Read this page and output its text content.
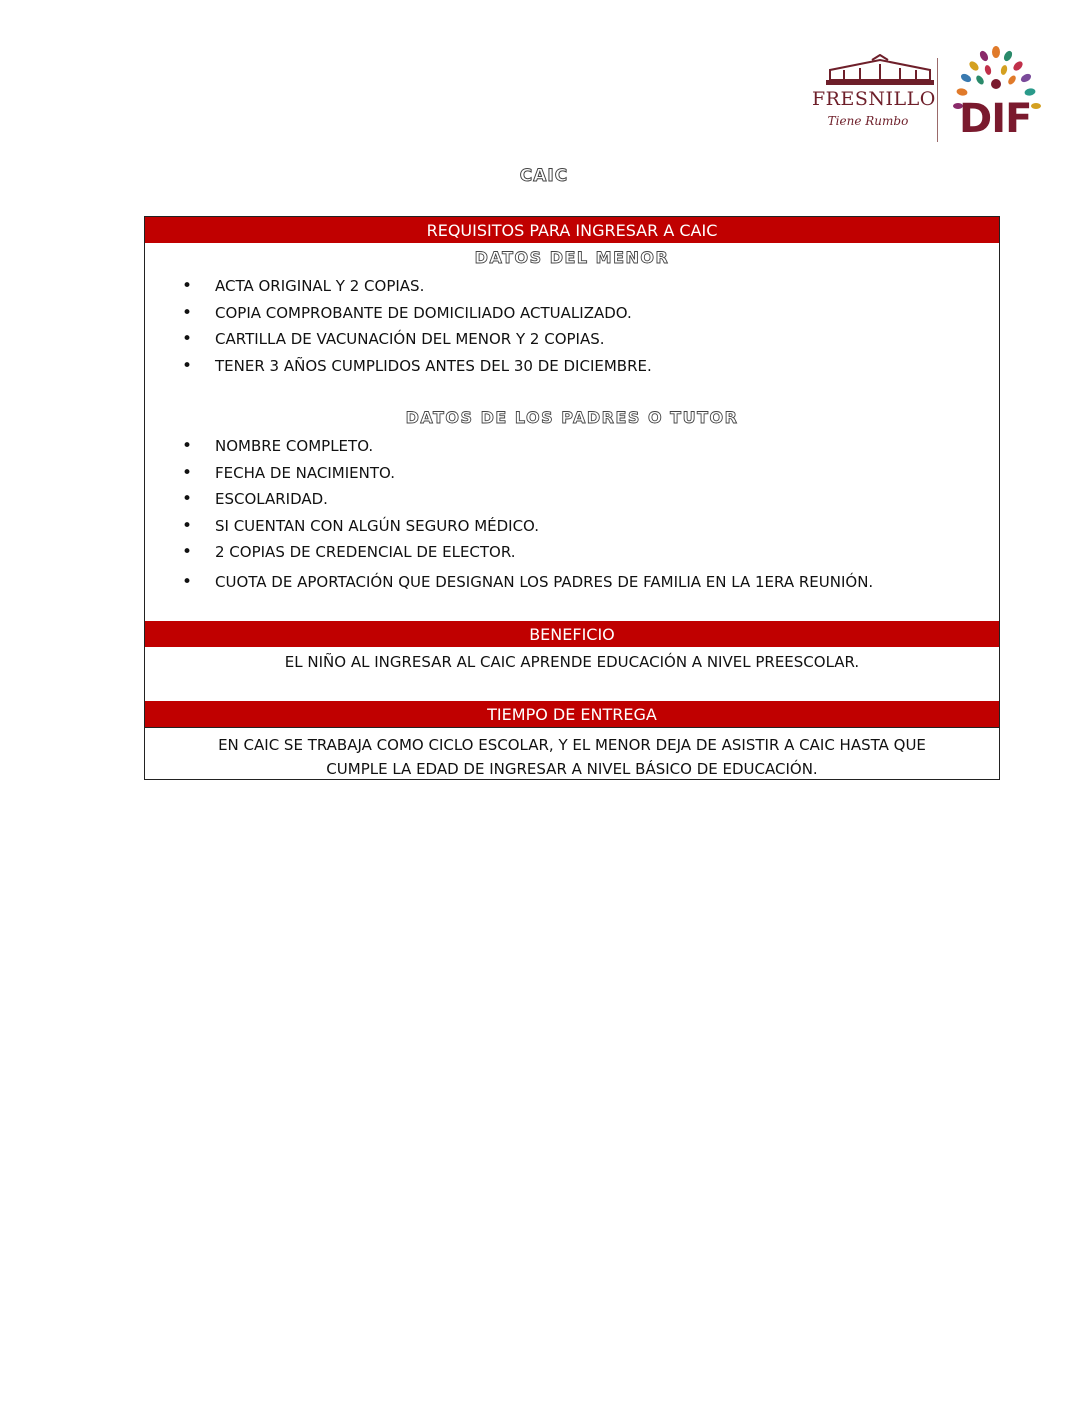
FRESNILLO
Tiene Rumbo DIF
CAIC
REQUISITOS PARA INGRESAR A CAIC
DATOS DEL MENOR
• ACTA ORIGINAL Y 2 COPIAS.
• COPIA COMPROBANTE DE DOMICILIADO ACTUALIZADO.
• CARTILLA DE VACUNACIÓN DEL MENOR Y 2 COPIAS.
• TENER 3 AÑOS CUMPLIDOS ANTES DEL 30 DE DICIEMBRE.
DATOS DE LOS PADRES O TUTOR
• NOMBRE COMPLETO.
• FECHA DE NACIMIENTO.
• ESCOLARIDAD.
• SI CUENTAN CON ALGÚN SEGURO MÉDICO.
• 2 COPIAS DE CREDENCIAL DE ELECTOR.
• CUOTA DE APORTACIÓN QUE DESIGNAN LOS PADRES DE FAMILIA EN LA 1ERA REUNIÓN.
BENEFICIO
EL NIÑO AL INGRESAR AL CAIC APRENDE EDUCACIÓN A NIVEL PREESCOLAR.
TIEMPO DE ENTREGA
EN CAIC SE TRABAJA COMO CICLO ESCOLAR, Y EL MENOR DEJA DE ASISTIR A CAIC HASTA QUE
CUMPLE LA EDAD DE INGRESAR A NIVEL BÁSICO DE EDUCACIÓN.
